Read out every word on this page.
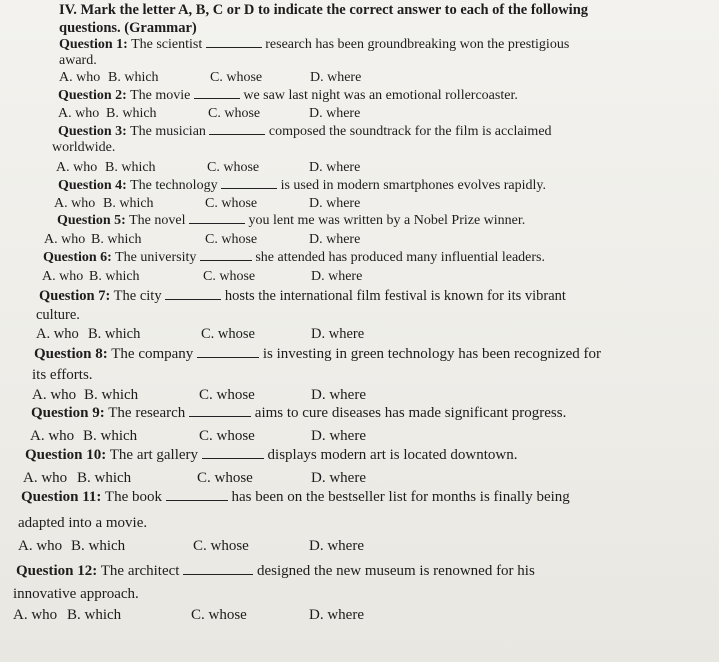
IV. Mark the letter A, B, C or D to indicate the correct answer to each of the following
questions. (Grammar)
Question 1: The scientist	research has been groundbreaking won the prestigious
award.
A. who B. which	C. whose	D. where
Question 2: The movie	we saw last night was an emotional rollercoaster.
A. who B. which	C. whose	D. where
Question 3: The musician	composed the soundtrack for the film is acclaimed
worldwide.
A. who B. which	C. whose	D. where
Question 4: The technology	is used in modern smartphones evolves rapidly.
A. who B. which	C. whose	D. where
Question 5: The novel	you lent me was written by a Nobel Prize winner.
A. who B. which	C. whose	D. where
Question 6: The university	she attended has produced many influential leaders.
A. who B. which	C. whose	D. where
Question 7: The city	hosts the international film festival is known for its vibrant
culture.
A. who B. which	C. whose	D. where
Question 8: The company	is investing in green technology has been recognized for
its efforts.
A. who B. which	C. whose	D. where
Question 9: The research	aims to cure diseases has made significant progress.
A. who B. which	C. whose	D. where
Question 10: The art gallery	displays modern art is located downtown.
A. who B. which	C. whose	D. where
Question 11: The book	has been on the bestseller list for months is finally being
adapted into a movie.
A. who B. which	C. whose	D. where
Question 12: The architect	designed the new museum is renowned for his
innovative approach.
A. who B. which	C. whose	D. where
